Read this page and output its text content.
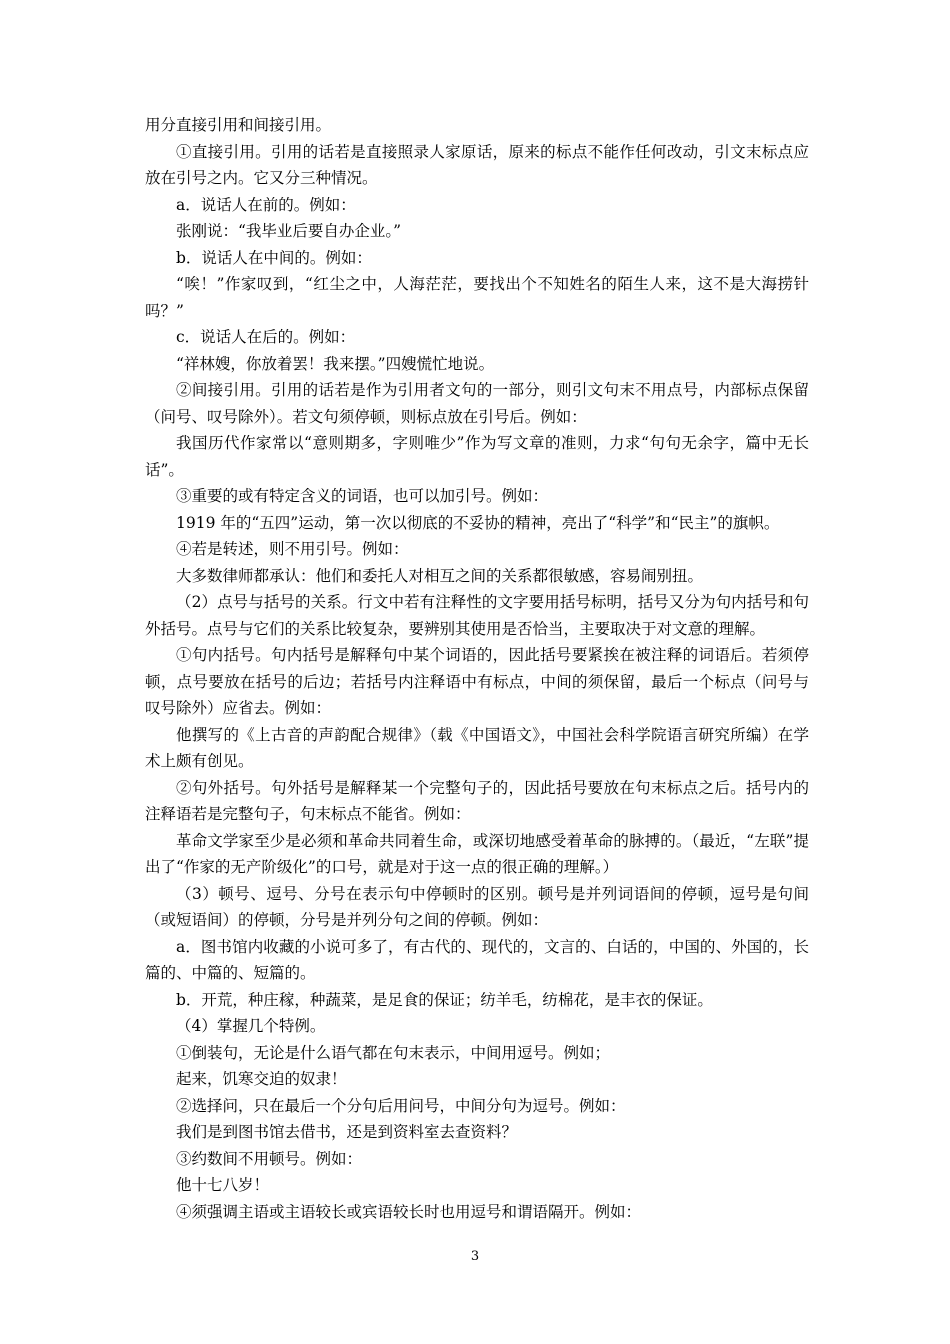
用分直接引用和间接引用。

①直接引用。引用的话若是直接照录人家原话，原来的标点不能作任何改动，引文末标点应放在引号之内。它又分三种情况。

a．说话人在前的。例如：

张刚说：“我毕业后要自办企业。”

b．说话人在中间的。例如：

“唉！”作家叹到，“红尘之中，人海茫茫，要找出个不知姓名的陌生人来，这不是大海捞针吗？”

c．说话人在后的。例如：

“祥林嫂，你放着罢！我来摆。”四嫂慌忙地说。

②间接引用。引用的话若是作为引用者文句的一部分，则引文句末不用点号，内部标点保留（问号、叹号除外）。若文句须停顿，则标点放在引号后。例如：

我国历代作家常以“意则期多，字则唯少”作为写文章的准则，力求“句句无余字，篇中无长话”。

③重要的或有特定含义的词语，也可以加引号。例如：

1919 年的“五四”运动，第一次以彻底的不妥协的精神，亮出了“科学”和“民主”的旗帜。

④若是转述，则不用引号。例如：

大多数律师都承认：他们和委托人对相互之间的关系都很敏感，容易闹别扭。

（2）点号与括号的关系。行文中若有注释性的文字要用括号标明，括号又分为句内括号和句外括号。点号与它们的关系比较复杂，要辨别其使用是否恰当，主要取决于对文意的理解。

①句内括号。句内括号是解释句中某个词语的，因此括号要紧挨在被注释的词语后。若须停顿，点号要放在括号的后边；若括号内注释语中有标点，中间的须保留，最后一个标点（问号与叹号除外）应省去。例如：

他撰写的《上古音的声韵配合规律》（载《中国语文》，中国社会科学院语言研究所编）在学术上颇有创见。

②句外括号。句外括号是解释某一个完整句子的，因此括号要放在句末标点之后。括号内的注释语若是完整句子，句末标点不能省。例如：

革命文学家至少是必须和革命共同着生命，或深切地感受着革命的脉搏的。（最近，“左联”提出了“作家的无产阶级化”的口号，就是对于这一点的很正确的理解。）

（3）顿号、逗号、分号在表示句中停顿时的区别。顿号是并列词语间的停顿，逗号是句间（或短语间）的停顿，分号是并列分句之间的停顿。例如：

a．图书馆内收藏的小说可多了，有古代的、现代的，文言的、白话的，中国的、外国的，长篇的、中篇的、短篇的。

b．开荒，种庄稼，种蔬菜，是足食的保证；纺羊毛，纺棉花，是丰衣的保证。

（4）掌握几个特例。

①倒装句，无论是什么语气都在句末表示，中间用逗号。例如；

起来，饥寒交迫的奴隶！

②选择问，只在最后一个分句后用问号，中间分句为逗号。例如：

我们是到图书馆去借书，还是到资料室去查资料？

③约数间不用顿号。例如：

他十七八岁！

④须强调主语或主语较长或宾语较长时也用逗号和谓语隔开。例如：

3
